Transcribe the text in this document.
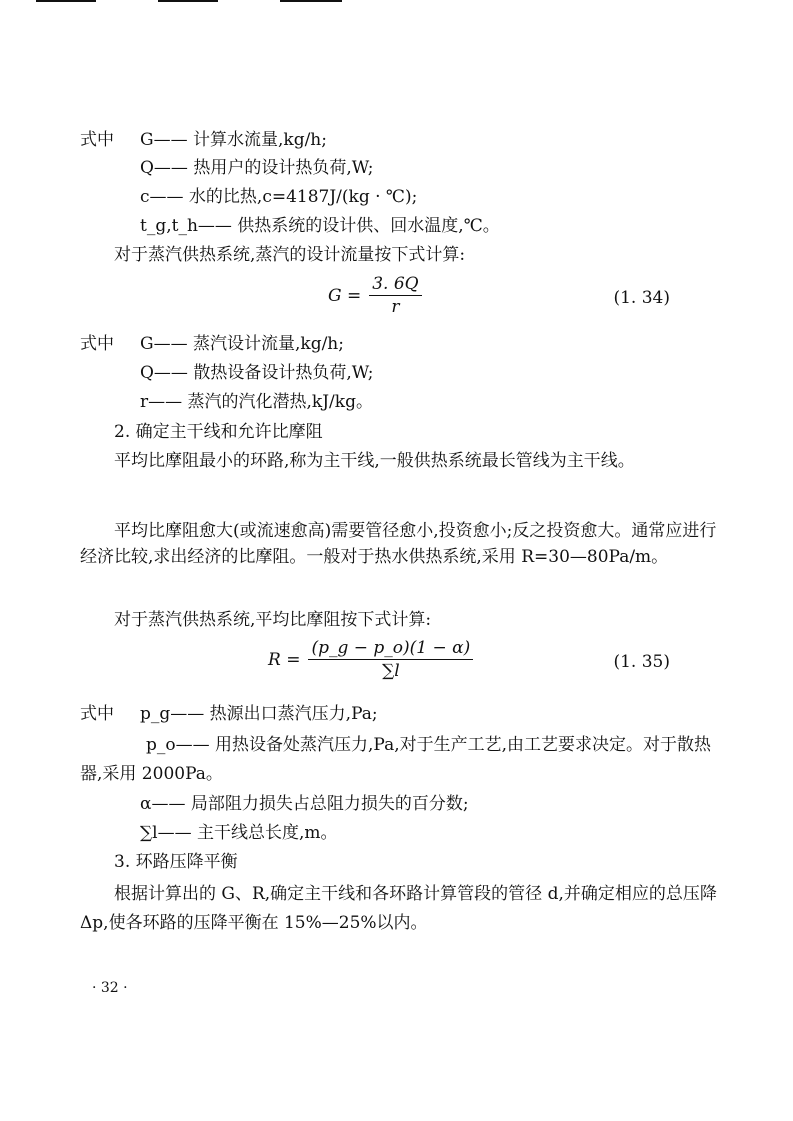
式中 G—— 计算水流量,kg/h;
Q—— 热用户的设计热负荷,W;
c—— 水的比热,c=4187J/(kg · ℃);
t_g,t_h—— 供热系统的设计供、回水温度,℃。
对于蒸汽供热系统,蒸汽的设计流量按下式计算:
$G = \frac{3. 6Q}{r}$	(1. 34)
式中 G—— 蒸汽设计流量,kg/h;
Q—— 散热设备设计热负荷,W;
r—— 蒸汽的汽化潜热,kJ/kg。
2. 确定主干线和允许比摩阻
平均比摩阻最小的环路,称为主干线,一般供热系统最长管线为主干线。
平均比摩阻愈大(或流速愈高)需要管径愈小,投资愈小;反之投资愈大。通常应进行经济比较,求出经济的比摩阻。一般对于热水供热系统,采用 R=30—80Pa/m。
对于蒸汽供热系统,平均比摩阻按下式计算:
$R = \frac{(p\_g - p\_o)(1 - \alpha)}{\sum l}$	(1. 35)
式中 p_g—— 热源出口蒸汽压力,Pa;
p_o—— 用热设备处蒸汽压力,Pa,对于生产工艺,由工艺要求决定。对于散热器,采用 2000Pa。
α—— 局部阻力损失占总阻力损失的百分数;
∑l—— 主干线总长度,m。
3. 环路压降平衡
根据计算出的 G、R,确定主干线和各环路计算管段的管径 d,并确定相应的总压降 Δp,使各环路的压降平衡在 15%—25%以内。
· 32 ·
